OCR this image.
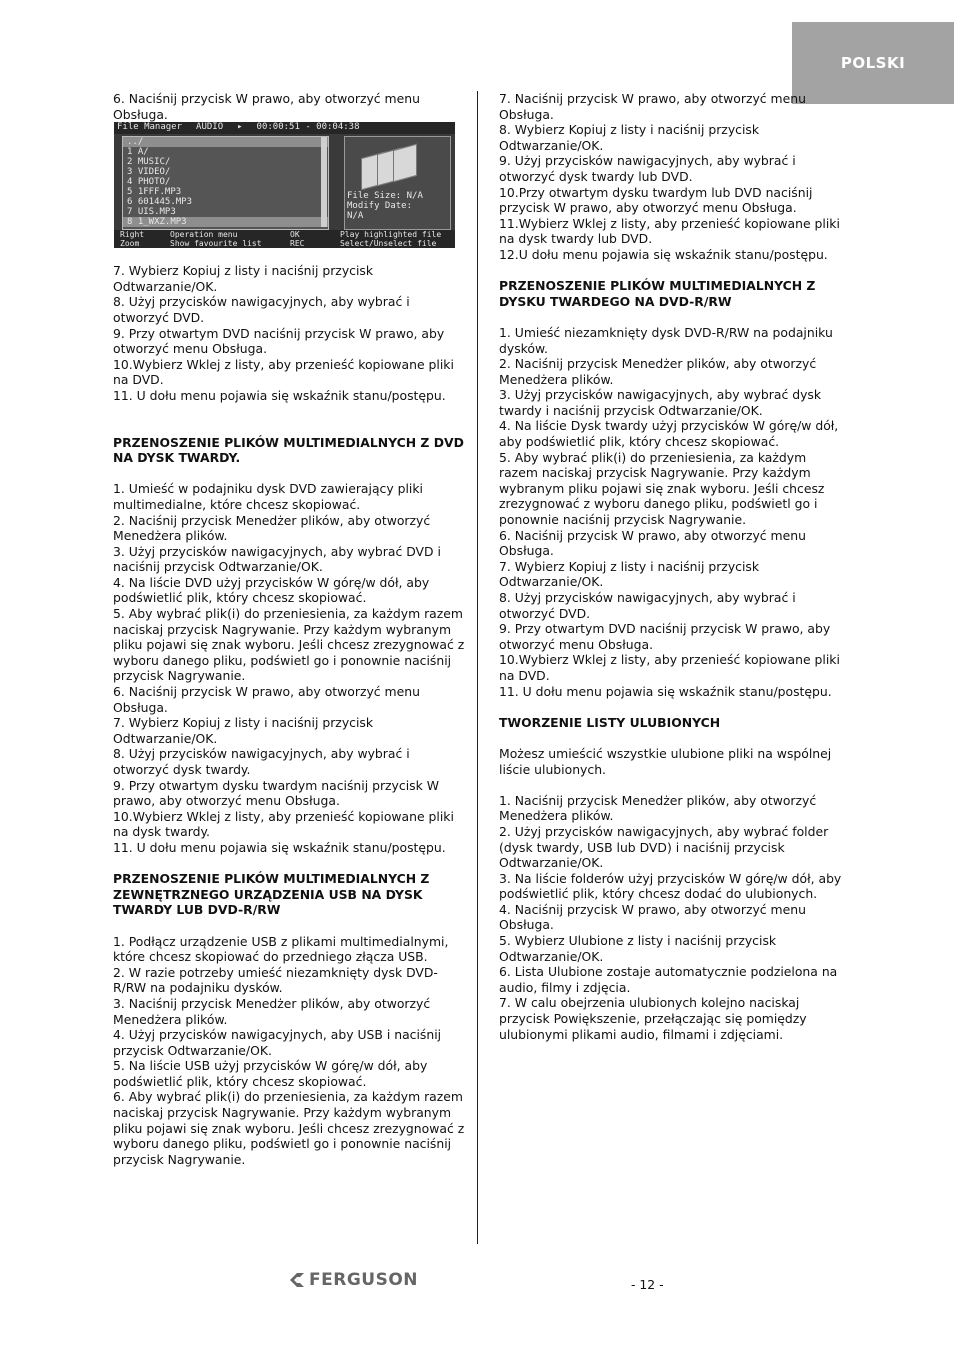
POLSKI

6. Naciśnij przycisk W prawo, aby otworzyć menu Obsługa.

File Manager AUDIO ▸ 00:00:51 - 00:04:38
../
1 A/
2 MUSIC/
3 VIDEO/
4 PHOTO/
5 1FFF.MP3
6 601445.MP3
7 UIS.MP3
8 1_WXZ.MP3
File Size: N/A
Modify Date:
N/A
Right	Operation menu	OK	Play highlighted file
Zoom	Show favourite list	REC	Select/Unselect file

7. Wybierz Kopiuj z listy i naciśnij przycisk Odtwarzanie/OK.

8. Użyj przycisków nawigacyjnych, aby wybrać i otworzyć DVD.

9. Przy otwartym DVD naciśnij przycisk W prawo, aby otworzyć menu Obsługa.

10.Wybierz Wklej z listy, aby przenieść kopiowane pliki na DVD.

11. U dołu menu pojawia się wskaźnik stanu/postępu.

PRZENOSZENIE PLIKÓW MULTIMEDIALNYCH Z DVD NA DYSK TWARDY.

1. Umieść w podajniku dysk DVD zawierający pliki multimedialne, które chcesz skopiować.

2. Naciśnij przycisk Menedżer plików, aby otworzyć Menedżera plików.

3. Użyj przycisków nawigacyjnych, aby wybrać DVD i naciśnij przycisk Odtwarzanie/OK.

4. Na liście DVD użyj przycisków W górę/w dół, aby podświetlić plik, który chcesz skopiować.

5. Aby wybrać plik(i) do przeniesienia, za każdym razem naciskaj przycisk Nagrywanie. Przy każdym wybranym pliku pojawi się znak wyboru. Jeśli chcesz zrezygnować z wyboru danego pliku, podświetl go i ponownie naciśnij przycisk Nagrywanie.

6. Naciśnij przycisk W prawo, aby otworzyć menu Obsługa.

7. Wybierz Kopiuj z listy i naciśnij przycisk Odtwarzanie/OK.

8. Użyj przycisków nawigacyjnych, aby wybrać i otworzyć dysk twardy.

9. Przy otwartym dysku twardym naciśnij przycisk W prawo, aby otworzyć menu Obsługa.

10.Wybierz Wklej z listy, aby przenieść kopiowane pliki na dysk twardy.

11. U dołu menu pojawia się wskaźnik stanu/postępu.

PRZENOSZENIE PLIKÓW MULTIMEDIALNYCH Z ZEWNĘTRZNEGO URZĄDZENIA USB NA DYSK TWARDY LUB DVD-R/RW

1. Podłącz urządzenie USB z plikami multimedialnymi, które chcesz skopiować do przedniego złącza USB.

2. W razie potrzeby umieść niezamknięty dysk DVD-R/RW na podajniku dysków.

3. Naciśnij przycisk Menedżer plików, aby otworzyć Menedżera plików.

4. Użyj przycisków nawigacyjnych, aby USB i naciśnij przycisk Odtwarzanie/OK.

5. Na liście USB użyj przycisków W górę/w dół, aby podświetlić plik, który chcesz skopiować.

6. Aby wybrać plik(i) do przeniesienia, za każdym razem naciskaj przycisk Nagrywanie. Przy każdym wybranym pliku pojawi się znak wyboru. Jeśli chcesz zrezygnować z wyboru danego pliku, podświetl go i ponownie naciśnij przycisk Nagrywanie.

7. Naciśnij przycisk W prawo, aby otworzyć menu Obsługa.

8. Wybierz Kopiuj z listy i naciśnij przycisk Odtwarzanie/OK.

9. Użyj przycisków nawigacyjnych, aby wybrać i otworzyć dysk twardy lub DVD.

10.Przy otwartym dysku twardym lub DVD naciśnij przycisk W prawo, aby otworzyć menu Obsługa.

11.Wybierz Wklej z listy, aby przenieść kopiowane pliki na dysk twardy lub DVD.

12.U dołu menu pojawia się wskaźnik stanu/postępu.

PRZENOSZENIE PLIKÓW MULTIMEDIALNYCH Z DYSKU TWARDEGO NA DVD-R/RW

1. Umieść niezamknięty dysk DVD-R/RW na podajniku dysków.

2. Naciśnij przycisk Menedżer plików, aby otworzyć Menedżera plików.

3. Użyj przycisków nawigacyjnych, aby wybrać dysk twardy i naciśnij przycisk Odtwarzanie/OK.

4. Na liście Dysk twardy użyj przycisków W górę/w dół, aby podświetlić plik, który chcesz skopiować.

5. Aby wybrać plik(i) do przeniesienia, za każdym razem naciskaj przycisk Nagrywanie. Przy każdym wybranym pliku pojawi się znak wyboru. Jeśli chcesz zrezygnować z wyboru danego pliku, podświetl go i ponownie naciśnij przycisk Nagrywanie.

6. Naciśnij przycisk W prawo, aby otworzyć menu Obsługa.

7. Wybierz Kopiuj z listy i naciśnij przycisk Odtwarzanie/OK.

8. Użyj przycisków nawigacyjnych, aby wybrać i otworzyć DVD.

9. Przy otwartym DVD naciśnij przycisk W prawo, aby otworzyć menu Obsługa.

10.Wybierz Wklej z listy, aby przenieść kopiowane pliki na DVD.

11. U dołu menu pojawia się wskaźnik stanu/postępu.

TWORZENIE LISTY ULUBIONYCH

Możesz umieścić wszystkie ulubione pliki na wspólnej liście ulubionych.

1. Naciśnij przycisk Menedżer plików, aby otworzyć Menedżera plików.

2. Użyj przycisków nawigacyjnych, aby wybrać folder (dysk twardy, USB lub DVD) i naciśnij przycisk Odtwarzanie/OK.

3. Na liście folderów użyj przycisków W górę/w dół, aby podświetlić plik, który chcesz dodać do ulubionych.

4. Naciśnij przycisk W prawo, aby otworzyć menu Obsługa.

5. Wybierz Ulubione z listy i naciśnij przycisk Odtwarzanie/OK.

6. Lista Ulubione zostaje automatycznie podzielona na audio, filmy i zdjęcia.

7. W calu obejrzenia ulubionych kolejno naciskaj przycisk Powiększenie, przełączając się pomiędzy ulubionymi plikami audio, filmami i zdjęciami.

FERGUSON	- 12 -
